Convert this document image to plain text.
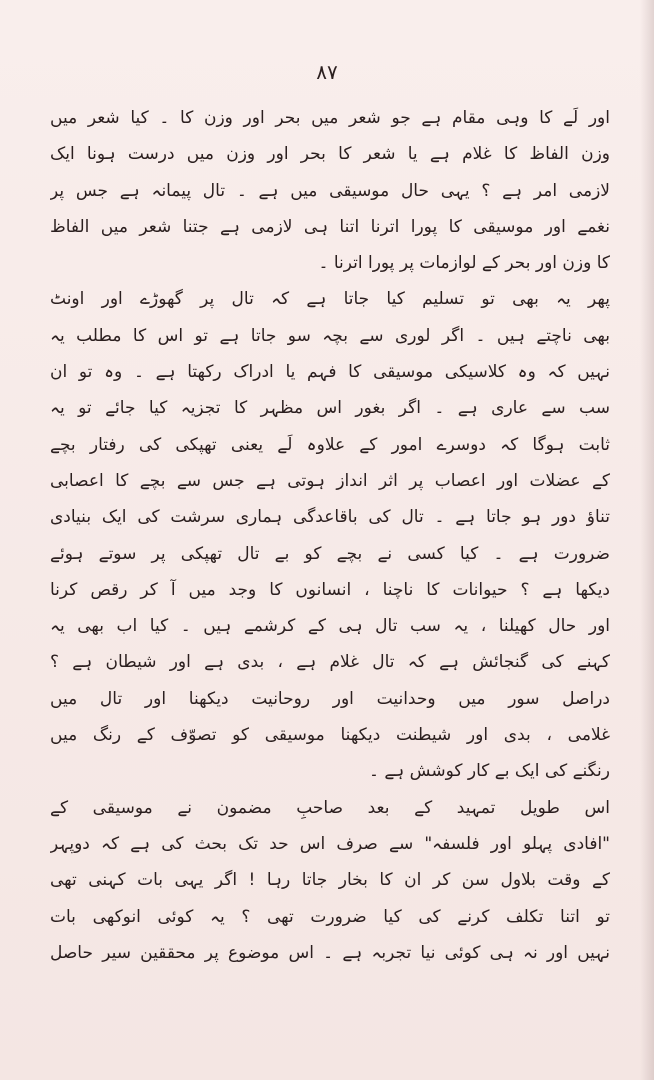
۸۷
اور لَے کا وہی مقام ہے جو شعر میں بحر اور وزن کا ۔ کیا شعر میں
وزن الفاظ کا غلام ہے یا شعر کا بحر اور وزن میں درست ہونا ایک
لازمی امر ہے ؟ یہی حال موسیقی میں ہے ۔ تال پیمانہ ہے جس پر
نغمے اور موسیقی کا پورا اترنا اتنا ہی لازمی ہے جتنا شعر میں الفاظ
کا وزن اور بحر کے لوازمات پر پورا اترنا ۔
پھر یہ بھی تو تسلیم کیا جاتا ہے کہ تال پر گھوڑے اور اونٹ
بھی ناچتے ہیں ۔ اگر لوری سے بچہ سو جاتا ہے تو اس کا مطلب یہ
نہیں کہ وہ کلاسیکی موسیقی کا فہم یا ادراک رکھتا ہے ۔ وہ تو ان
سب سے عاری ہے ۔ اگر بغور اس مظہر کا تجزیہ کیا جائے تو یہ
ثابت ہوگا کہ دوسرے امور کے علاوہ لَے یعنی تھپکی کی رفتار بچے
کے عضلات اور اعصاب پر اثر انداز ہوتی ہے جس سے بچے کا اعصابی
تناؤ دور ہو جاتا ہے ۔ تال کی باقاعدگی ہماری سرشت کی ایک بنیادی
ضرورت ہے ۔ کیا کسی نے بچے کو بے تال تھپکی پر سوتے ہوئے
دیکھا ہے ؟ حیوانات کا ناچنا ، انسانوں کا وجد میں آ کر رقص کرنا
اور حال کھیلنا ، یہ سب تال ہی کے کرشمے ہیں ۔ کیا اب بھی یہ
کہنے کی گنجائش ہے کہ تال غلام ہے ، بدی ہے اور شیطان ہے ؟
دراصل سور میں وحدانیت اور روحانیت دیکھنا اور تال میں
غلامی ، بدی اور شیطنت دیکھنا موسیقی کو تصوّف کے رنگ میں
رنگنے کی ایک بے کار کوشش ہے ۔
اس طویل تمہید کے بعد صاحبِ مضمون نے موسیقی کے
"افادی پہلو اور فلسفہ" سے صرف اس حد تک بحث کی ہے کہ دوپہر
کے وقت بلاول سن کر ان کا بخار جاتا رہا ! اگر یہی بات کہنی تھی
تو اتنا تکلف کرنے کی کیا ضرورت تھی ؟ یہ کوئی انوکھی بات
نہیں اور نہ ہی کوئی نیا تجربہ ہے ۔ اس موضوع پر محققین سیر حاصل
